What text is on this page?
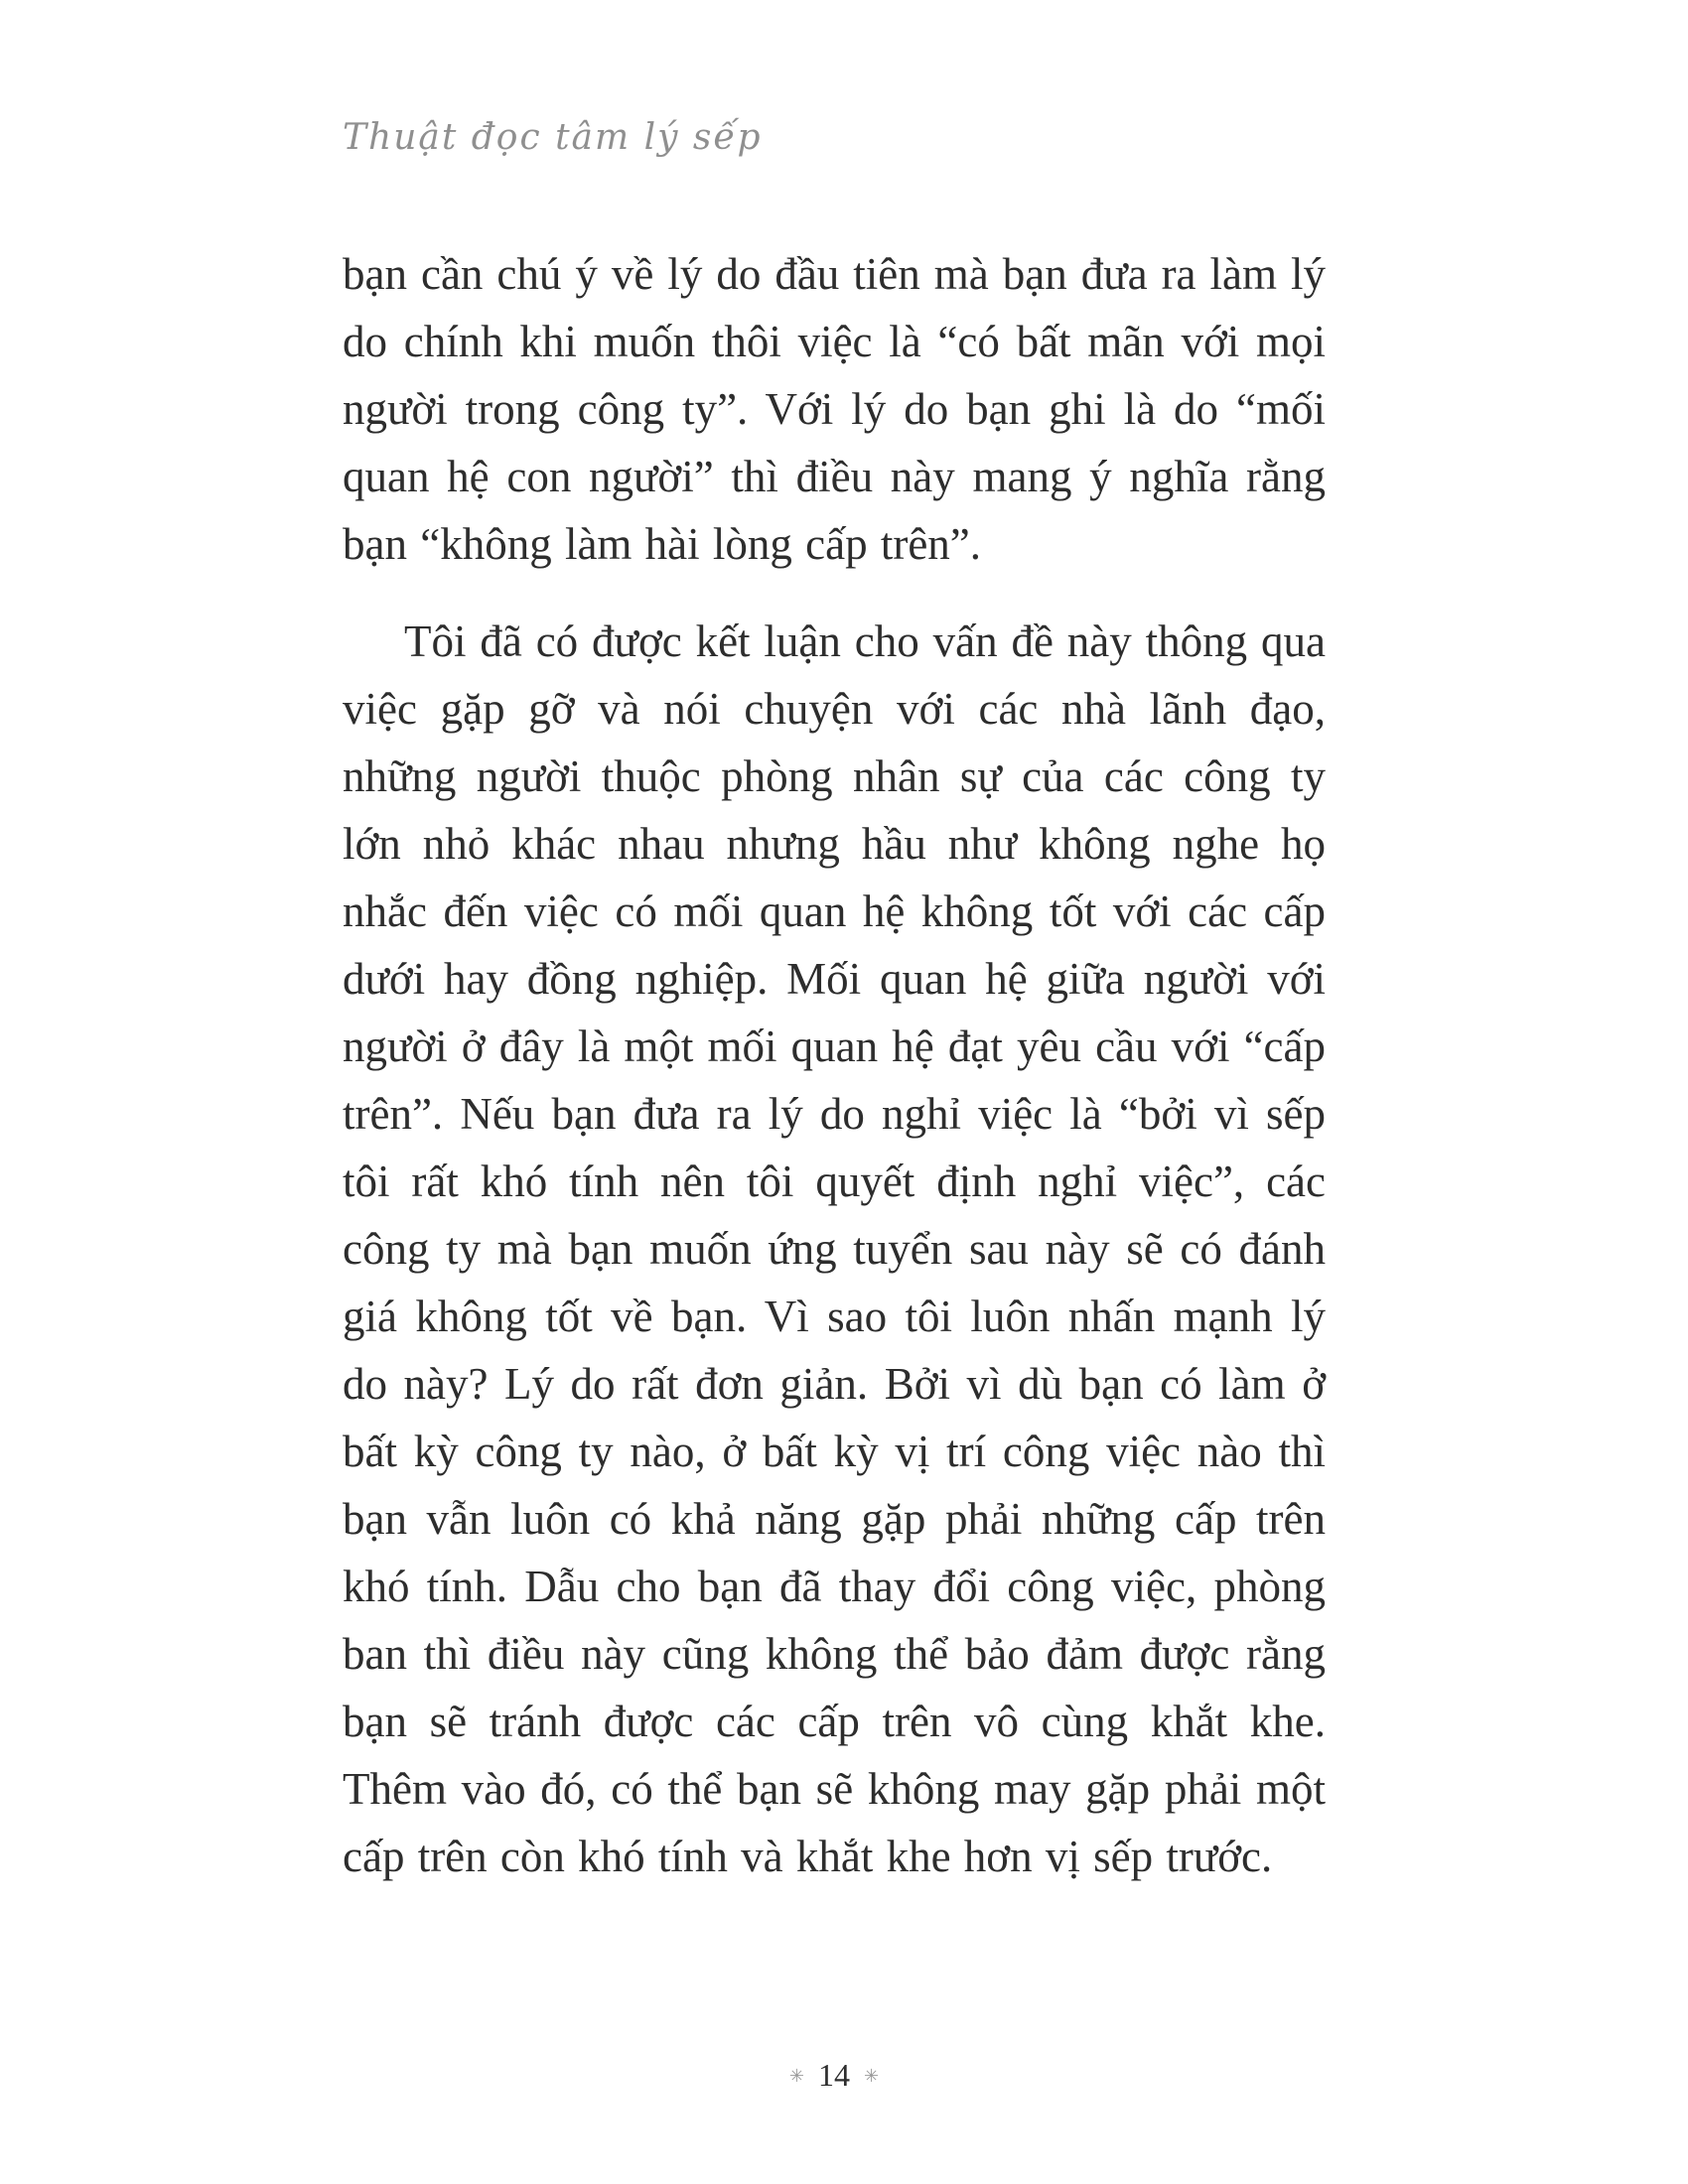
Thuật đọc tâm lý sếp

bạn cần chú ý về lý do đầu tiên mà bạn đưa ra làm lý do chính khi muốn thôi việc là “có bất mãn với mọi người trong công ty”. Với lý do bạn ghi là do “mối quan hệ con người” thì điều này mang ý nghĩa rằng bạn “không làm hài lòng cấp trên”.

Tôi đã có được kết luận cho vấn đề này thông qua việc gặp gỡ và nói chuyện với các nhà lãnh đạo, những người thuộc phòng nhân sự của các công ty lớn nhỏ khác nhau nhưng hầu như không nghe họ nhắc đến việc có mối quan hệ không tốt với các cấp dưới hay đồng nghiệp. Mối quan hệ giữa người với người ở đây là một mối quan hệ đạt yêu cầu với “cấp trên”. Nếu bạn đưa ra lý do nghỉ việc là “bởi vì sếp tôi rất khó tính nên tôi quyết định nghỉ việc”, các công ty mà bạn muốn ứng tuyển sau này sẽ có đánh giá không tốt về bạn. Vì sao tôi luôn nhấn mạnh lý do này? Lý do rất đơn giản. Bởi vì dù bạn có làm ở bất kỳ công ty nào, ở bất kỳ vị trí công việc nào thì bạn vẫn luôn có khả năng gặp phải những cấp trên khó tính. Dẫu cho bạn đã thay đổi công việc, phòng ban thì điều này cũng không thể bảo đảm được rằng bạn sẽ tránh được các cấp trên vô cùng khắt khe. Thêm vào đó, có thể bạn sẽ không may gặp phải một cấp trên còn khó tính và khắt khe hơn vị sếp trước.

✳ 14 ✳
